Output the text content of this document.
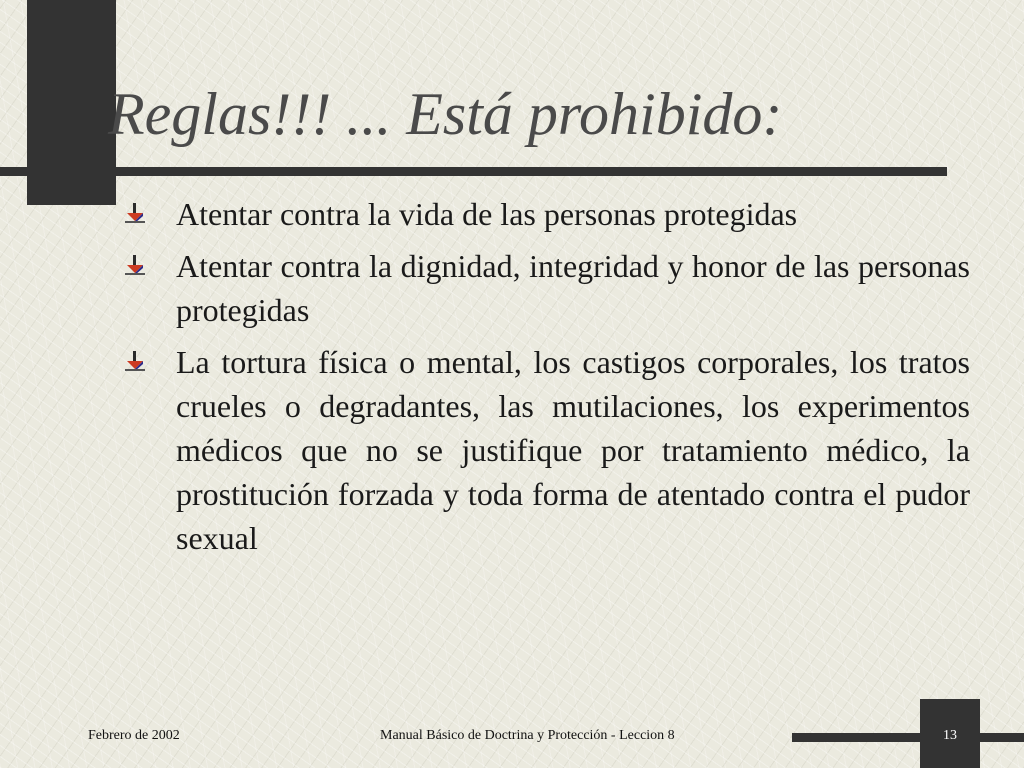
Reglas!!! ... Está prohibido:
Atentar contra la vida de las personas protegidas
Atentar contra la dignidad, integridad y honor de las personas protegidas
La tortura física o mental, los castigos corporales, los tratos crueles o degradantes, las mutilaciones, los experimentos médicos que no se justifique por tratamiento médico, la prostitución forzada y toda forma de atentado contra el pudor sexual
Febrero de 2002	Manual Básico de Doctrina y Protección - Leccion 8	13
